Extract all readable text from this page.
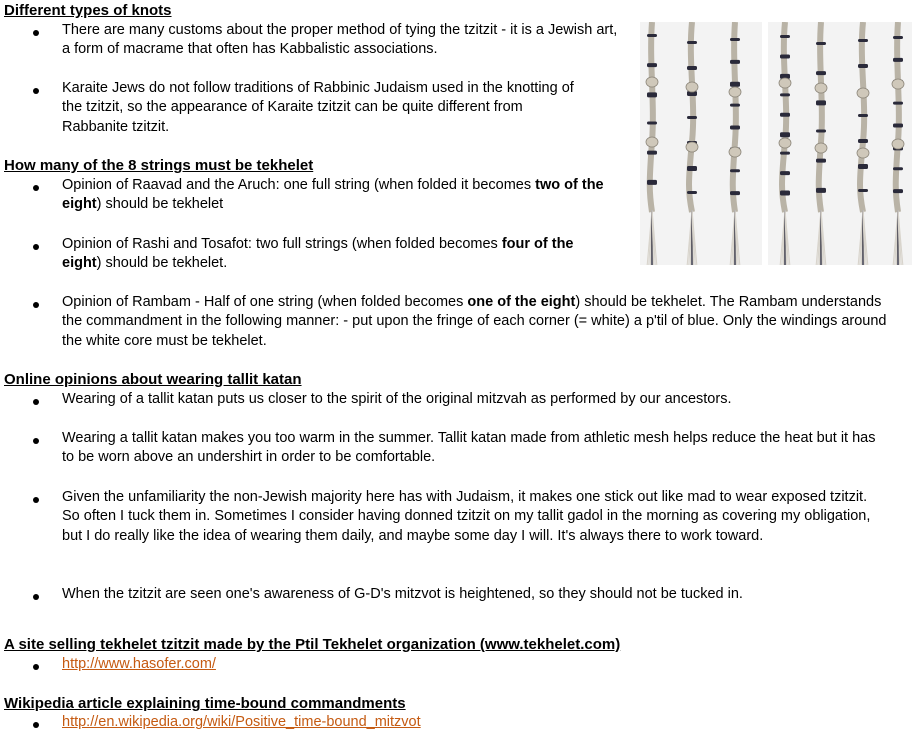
Different types of knots

There are many customs about the proper method of tying the tzitzit - it is a Jewish art, a form of macrame that often has Kabbalistic associations.

Karaite Jews do not follow traditions of Rabbinic Judaism used in the knotting of the tzitzit, so the appearance of Karaite tzitzit can be quite different from Rabbanite tzitzit.

How many of the 8 strings must be tekhelet

Opinion of Raavad and the Aruch: one full string (when folded it becomes two of the eight) should be tekhelet

Opinion of Rashi and Tosafot: two full strings (when folded becomes four of the eight) should be tekhelet.

Opinion of Rambam - Half of one string (when folded becomes one of the eight) should be tekhelet. The Rambam understands the commandment in the following manner: - put upon the fringe of each corner (= white) a p'til of blue. Only the windings around the white core must be tekhelet.

Online opinions about wearing tallit katan

Wearing of a tallit katan puts us closer to the spirit of the original mitzvah as performed by our ancestors.

Wearing a tallit katan makes you too warm in the summer. Tallit katan made from athletic mesh helps reduce the heat but it has to be worn above an undershirt in order to be comfortable.

Given the unfamiliarity the non-Jewish majority here has with Judaism, it makes one stick out like mad to wear exposed tzitzit. So often I tuck them in. Sometimes I consider having donned tzitzit on my tallit gadol in the morning as covering my obligation, but I do really like the idea of wearing them daily, and maybe some day I will. It's always there to work toward.

When the tzitzit are seen one's awareness of G-D's mitzvot is heightened, so they should not be tucked in.

A site selling tekhelet tzitzit made by the Ptil Tekhelet organization (www.tekhelet.com)

http://www.hasofer.com/

Wikipedia article explaining time-bound commandments

http://en.wikipedia.org/wiki/Positive_time-bound_mitzvot
